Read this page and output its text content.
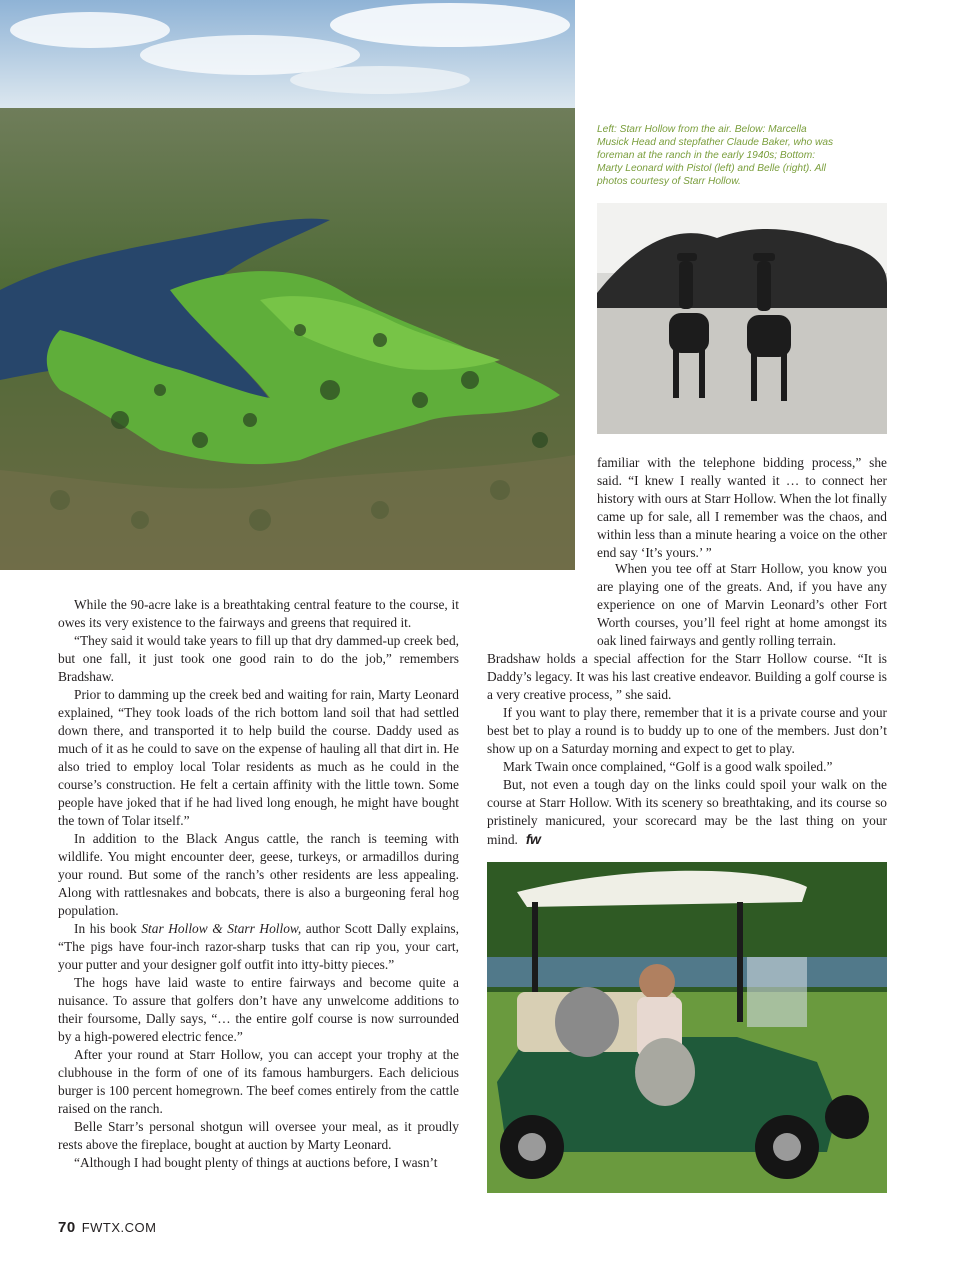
Left: Starr Hollow from the air. Below: Marcella Musick Head and stepfather Claude Baker, who was foreman at the ranch in the early 1940s; Bottom: Marty Leonard with Pistol (left) and Belle (right). All photos courtesy of Starr Hollow.

familiar with the telephone bidding process,” she said. “I knew I really wanted it … to connect her history with ours at Starr Hollow. When the lot finally came up for sale, all I remember was the chaos, and within less than a minute hearing a voice on the other end say ‘It’s yours.’ ”

When you tee off at Starr Hollow, you know you are playing one of the greats. And, if you have any experience on one of Marvin Leonard’s other Fort Worth courses, you’ll feel right at home amongst its oak lined fairways and gently rolling terrain.

Bradshaw holds a special affection for the Starr Hollow course. “It is Daddy’s legacy. It was his last creative endeavor. Building a golf course is a very creative process, ” she said.

If you want to play there, remember that it is a private course and your best bet to play a round is to buddy up to one of the members. Just don’t show up on a Saturday morning and expect to get to play.

Mark Twain once complained, “Golf is a good walk spoiled.”

But, not even a tough day on the links could spoil your walk on the course at Starr Hollow. With its scenery so breathtaking, and its course so pristinely manicured, your scorecard may be the last thing on your mind. fw

While the 90-acre lake is a breathtaking central feature to the course, it owes its very existence to the fairways and greens that required it.

“They said it would take years to fill up that dry dammed-up creek bed, but one fall, it just took one good rain to do the job,” remembers Bradshaw.

Prior to damming up the creek bed and waiting for rain, Marty Leonard explained, “They took loads of the rich bottom land soil that had settled down there, and transported it to help build the course. Daddy used as much of it as he could to save on the expense of hauling all that dirt in. He also tried to employ local Tolar residents as much as he could in the course’s construction. He felt a certain affinity with the little town. Some people have joked that if he had lived long enough, he might have bought the town of Tolar itself.”

In addition to the Black Angus cattle, the ranch is teeming with wildlife. You might encounter deer, geese, turkeys, or armadillos during your round. But some of the ranch’s other residents are less appealing. Along with rattlesnakes and bobcats, there is also a burgeoning feral hog population.

In his book Star Hollow & Starr Hollow, author Scott Dally explains, “The pigs have four-inch razor-sharp tusks that can rip you, your cart, your putter and your designer golf outfit into itty-bitty pieces.”

The hogs have laid waste to entire fairways and become quite a nuisance. To assure that golfers don’t have any unwelcome additions to their foursome, Dally says, “… the entire golf course is now surrounded by a high-powered electric fence.”

After your round at Starr Hollow, you can accept your trophy at the clubhouse in the form of one of its famous hamburgers. Each delicious burger is 100 percent homegrown. The beef comes entirely from the cattle raised on the ranch.

Belle Starr’s personal shotgun will oversee your meal, as it proudly rests above the fireplace, bought at auction by Marty Leonard.

“Although I had bought plenty of things at auctions before, I wasn’t

70 FWTX.COM
